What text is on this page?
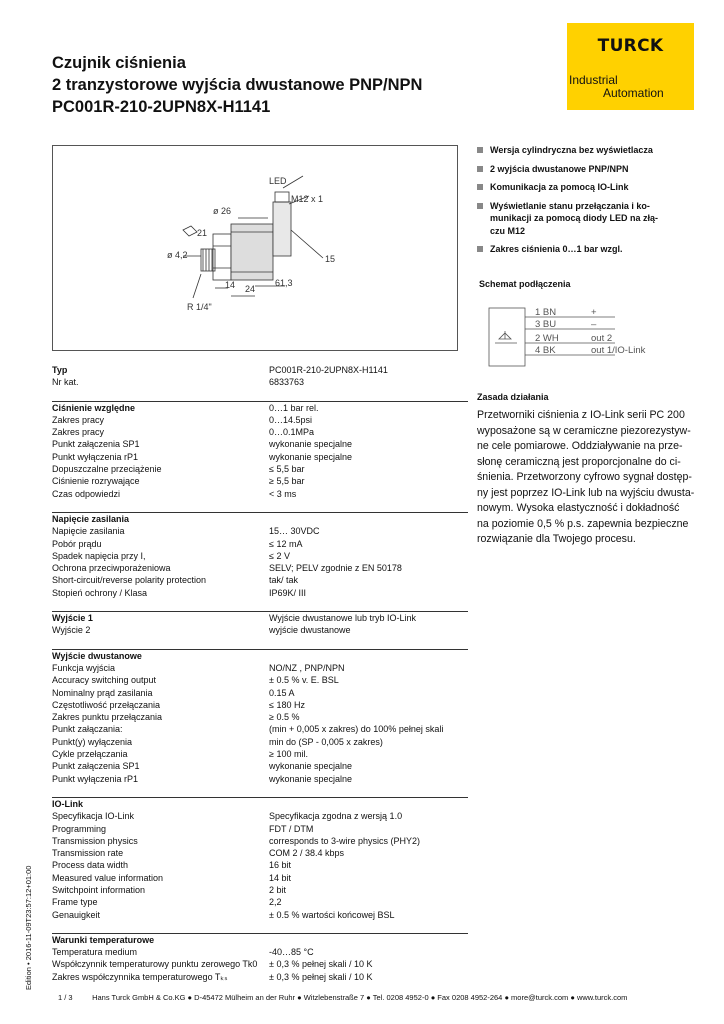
Czujnik ciśnienia
2 tranzystorowe wyjścia dwustanowe PNP/NPN
PC001R-210-2UPN8X-H1141
TURCK
Industrial
Automation
LED
M12 x 1
ø 26
21
ø 4,2	15
14 24
61,3
R 1/4"
Wersja cylindryczna bez wyświetlacza
2 wyjścia dwustanowe PNP/NPN
Komunikacja za pomocą IO-Link
Wyświetlanie stanu przełączania i ko-
munikacji za pomocą diody LED na złą-
czu M12
Zakres ciśnienia 0…1 bar wzgl.
Schemat podłączenia
1 BN	+
3 BU	–
2 WH	out 2
4 BK	out 1/IO-Link
Zasada działania
Przetworniki ciśnienia z IO-Link serii PC 200
wyposażone są w ceramiczne piezorezystyw-
ne cele pomiarowe. Oddziaływanie na prze-
słonę ceramiczną jest proporcjonalne do ci-
śnienia. Przetworzony cyfrowo sygnał dostęp-
ny jest poprzez IO-Link lub na wyjściu dwusta-
nowym. Wysoka elastyczność i dokładność
na poziomie 0,5 % p.s. zapewnia bezpieczne
rozwiązanie dla Twojego procesu.
Typ	PC001R-210-2UPN8X-H1141
Nr kat.	6833763
Ciśnienie względne	0…1 bar rel.
Zakres pracy	0…14.5psi
Zakres pracy	0…0.1MPa
Punkt załączenia SP1	wykonanie specjalne
Punkt wyłączenia rP1	wykonanie specjalne
Dopuszczalne przeciążenie	≤ 5,5 bar
Ciśnienie rozrywające	≥ 5,5 bar
Czas odpowiedzi	< 3 ms
Napięcie zasilania
Napięcie zasilania	15… 30VDC
Pobór prądu	≤ 12 mA
Spadek napięcia przy I,	≤ 2 V
Ochrona przeciwporażeniowa	SELV; PELV zgodnie z EN 50178
Short-circuit/reverse polarity protection	tak/ tak
Stopień ochrony / Klasa	IP69K/ III
Wyjście 1	Wyjście dwustanowe lub tryb IO-Link
Wyjście 2	wyjście dwustanowe
Wyjście dwustanowe
Funkcja wyjścia	NO/NZ , PNP/NPN
Accuracy switching output	± 0.5 % v. E. BSL
Nominalny prąd zasilania	0.15 A
Częstotliwość przełączania	≤ 180 Hz
Zakres punktu przełączania	≥ 0.5 %
Punkt załączania:	(min + 0,005 x zakres) do 100% pełnej skali
Punkt(y) wyłączenia	min do (SP - 0,005 x zakres)
Cykle przełączania	≥ 100 mil.
Punkt załączenia SP1	wykonanie specjalne
Punkt wyłączenia rP1	wykonanie specjalne
IO-Link
Specyfikacja IO-Link	Specyfikacja zgodna z wersją 1.0
Programming	FDT / DTM
Transmission physics	corresponds to 3-wire physics (PHY2)
Transmission rate	COM 2 / 38.4 kbps
Process data width	16 bit
Measured value information	14 bit
Switchpoint information	2 bit
Frame type	2,2
Genauigkeit	± 0.5 % wartości końcowej BSL
Warunki temperaturowe
Temperatura medium	-40…85 °C
Współczynnik temperaturowy punktu zerowego Tk0	± 0,3 % pełnej skali / 10 K
Zakres współczynnika temperaturowego Tₖₛ	± 0,3 % pełnej skali / 10 K
Edition • 2016-11-09T23:57:12+01:00
1 / 3	Hans Turck GmbH & Co.KG ● D-45472 Mülheim an der Ruhr ● Witzlebenstraße 7 ● Tel. 0208 4952-0 ● Fax 0208 4952-264 ● more@turck.com ● www.turck.com
